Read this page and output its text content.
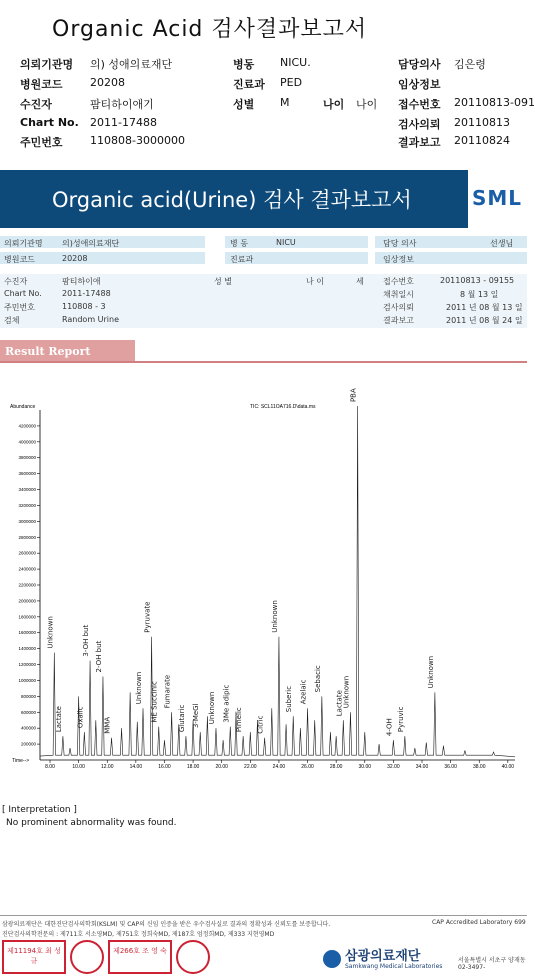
Organic Acid 검사결과보고서
의뢰기관명 의) 성애의료재단	병동 NICU.	담당의사 김은령
병원코드 20208	진료과 PED	임상정보
수진자	팜티하이애기	성별 M	나이 나이 접수번호 20110813-091
Chart No. 2011-17488	검사의뢰 20110813
주민번호 110808-3000000	결과보고 20110824
Organic acid(Urine) 검사 결과보고서	SML
의뢰기관명 의)성애의료재단	병 동	NICU	담당 의사	선생님
병원코드	20208	진료과	임상정보
수진자	팜티하이애
Chart No.	2011-17488
주민번호	110808 - 3
검체	Random Urine
성 별	나 이	세 접수번호	20110813 - 09155
채취일시	8 월 13 일
검사의뢰	2011 년 08 월 13 일
결과보고	2011 년 08 월 24 일
Result Report
Abundance	TIC: SCL11OA716.D\data.ms
Time-->
200000
400000
600000
800000
1000000
1200000
1400000
1600000
1800000
2000000
2200000
2400000
2600000
2800000
3000000
3200000
3400000
3600000
3800000
4000000
4200000
8.00	10.00	12.00	14.00	16.00	18.00	20.00	22.00	24.00	26.00	28.00	30.00	32.00	34.00	36.00	38.00	40.00
Unknown
Lactate Oxalic
3-OH but
2-OH but
MMA
Unknown
Pyruvate
ME Succinic Fumarate
Glutaric 3-MeGl Unknown 3Me adipic Pimelic Citric
Unknown
Suberic Azelaic Sebacic
Lactate Unknown
4-OH Pyruvic
Unknown
PBA
[ Interpretation ]
No prominent abnormality was found.
삼광의료재단은 대한진단검사의학회(KSLM) 및 CAP의 신임 인증을 받은 우수검사실로 결과의 정확성과 신뢰도를 보증합니다.
진단검사의학전문의 : 제711호 서소영MD, 제751호 정희숙MD, 제187호 엄정희MD, 제333 지현영MD
CAP Accredited Laboratory 699
제11194호 최 성 규
제266호 조 영 숙	삼광의료재단
Samkwang Medical Laboratories
서울특별시 서초구 양재동 02-3497-
